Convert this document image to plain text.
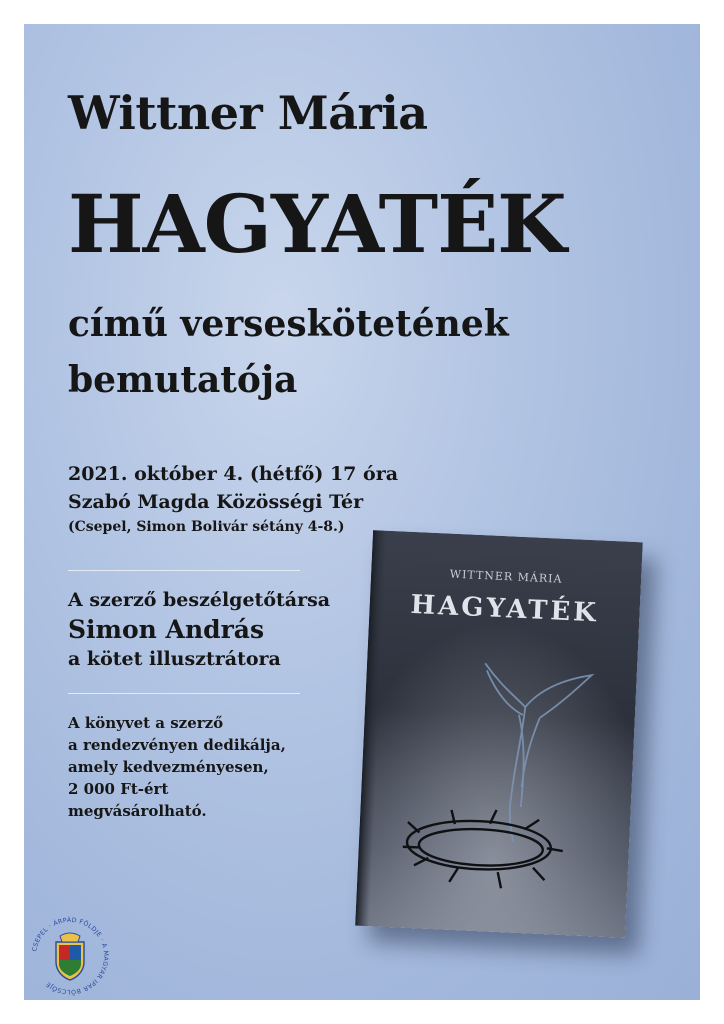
Wittner Mária
HAGYATÉK
című verseskötetének
bemutatója
2021. október 4. (hétfő) 17 óra
Szabó Magda Közösségi Tér
(Csepel, Simon Bolivár sétány 4-8.)
A szerző beszélgetőtársa
Simon András
a kötet illusztrátora
A könyvet a szerző
a rendezvényen dedikálja,
amely kedvezményesen,
2 000 Ft-ért
megvásárolható.
WITTNER MÁRIA
HAGYATÉK
CSEPEL · ÁRPÁD FÖLDJE · A MAGYAR IPAR BÖLCSŐJE
